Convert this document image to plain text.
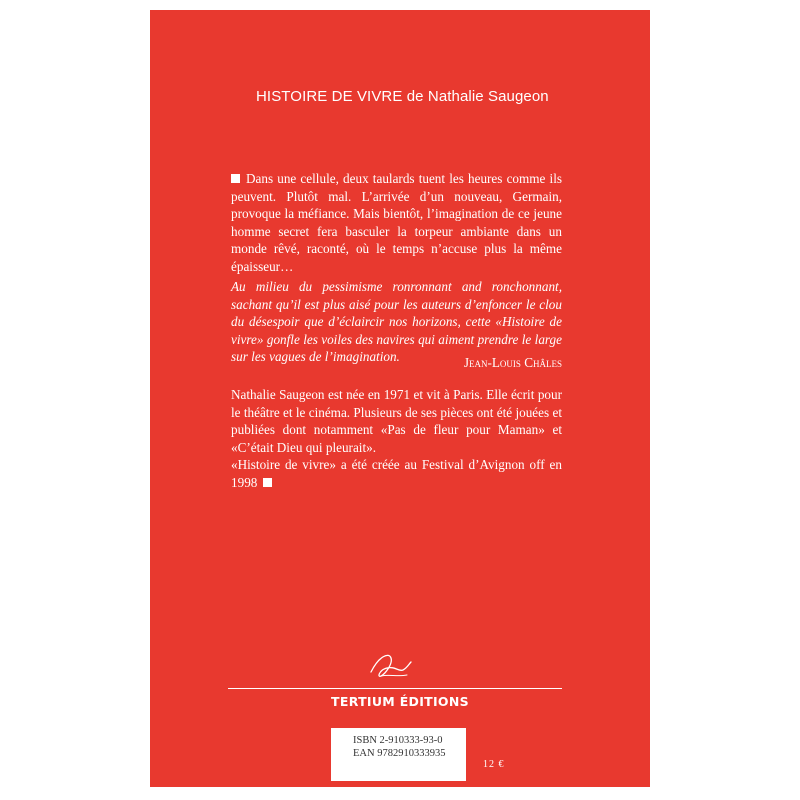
HISTOIRE DE VIVRE de Nathalie Saugeon
Dans une cellule, deux taulards tuent les heures comme ils peuvent. Plutôt mal. L’arrivée d’un nouveau, Germain, provoque la méfiance. Mais bientôt, l’imagination de ce jeune homme secret fera basculer la torpeur ambiante dans un monde rêvé, raconté, où le temps n’accuse plus la même épaisseur…
Au milieu du pessimisme ronronnant and ronchonnant, sachant qu’il est plus aisé pour les auteurs d’enfoncer le clou du désespoir que d’éclaircir nos horizons, cette «Histoire de vivre» gonfle les voiles des navires qui aiment prendre le large sur les vagues de l’imagination.	Jean-Louis Châles
Nathalie Saugeon est née en 1971 et vit à Paris. Elle écrit pour le théâtre et le cinéma. Plusieurs de ses pièces ont été jouées et publiées dont notamment «Pas de fleur pour Maman» et «C’était Dieu qui pleurait».
«Histoire de vivre» a été créée au Festival d’Avignon off en 1998
TERTIUM ÉDITIONS
ISBN 2-910333-93-0
EAN 9782910333935
12 €
